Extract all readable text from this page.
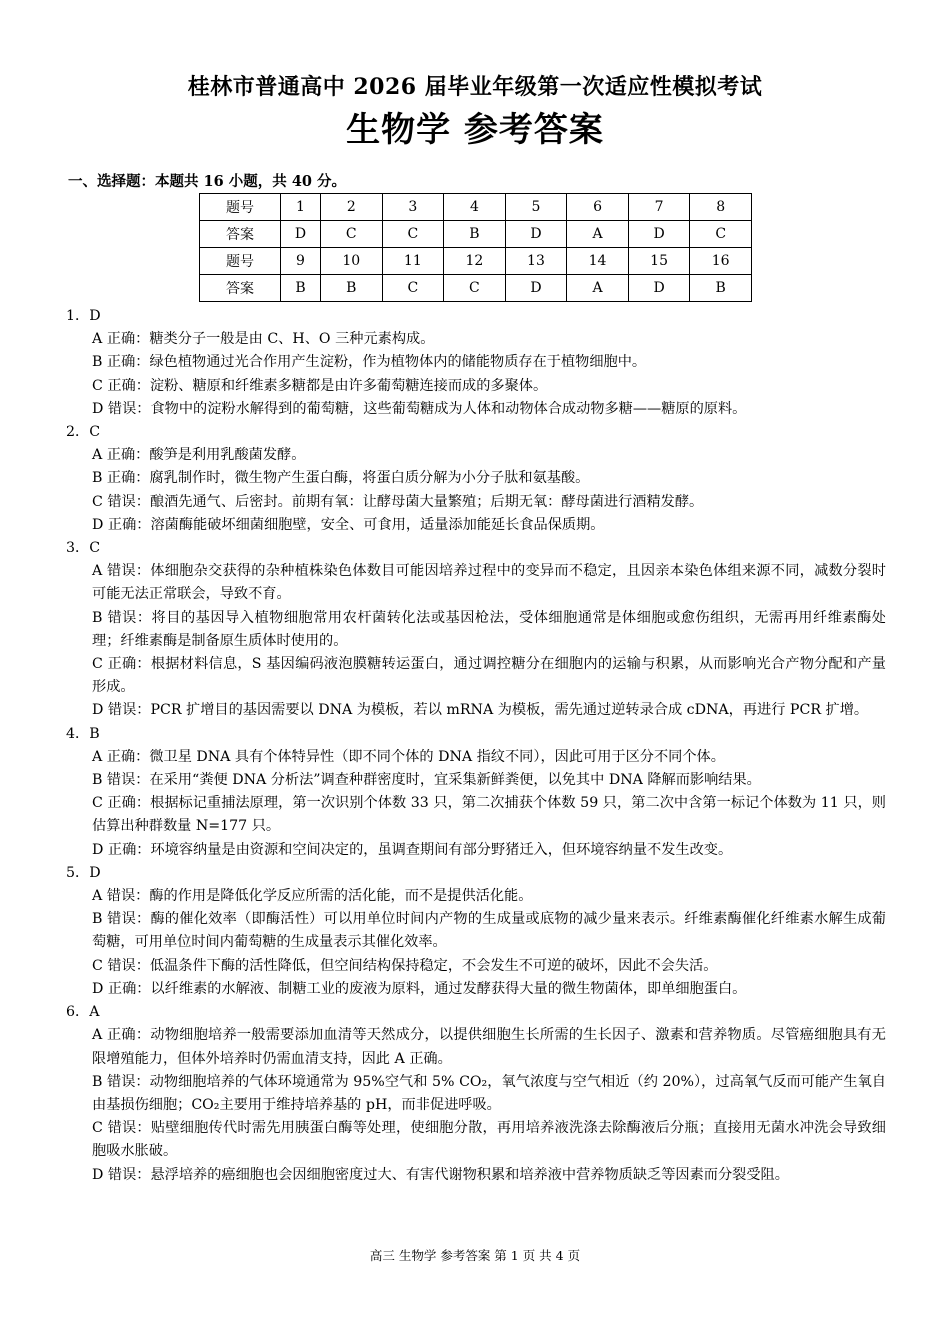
桂林市普通高中 2026 届毕业年级第一次适应性模拟考试
生物学 参考答案
一、选择题：本题共 16 小题，共 40 分。
题号	1	2	3	4	5	6	7	8
答案	D	C	C	B	D	A	D	C
题号	9	10	11	12	13	14	15	16
答案	B	B	C	C	D	A	D	B

1．D

A 正确：糖类分子一般是由 C、H、O 三种元素构成。

B 正确：绿色植物通过光合作用产生淀粉，作为植物体内的储能物质存在于植物细胞中。

C 正确：淀粉、糖原和纤维素多糖都是由许多葡萄糖连接而成的多聚体。

D 错误：食物中的淀粉水解得到的葡萄糖，这些葡萄糖成为人体和动物体合成动物多糖——糖原的原料。

2．C

A 正确：酸笋是利用乳酸菌发酵。

B 正确：腐乳制作时，微生物产生蛋白酶，将蛋白质分解为小分子肽和氨基酸。

C 错误：酿酒先通气、后密封。前期有氧：让酵母菌大量繁殖；后期无氧：酵母菌进行酒精发酵。

D 正确：溶菌酶能破坏细菌细胞壁，安全、可食用，适量添加能延长食品保质期。

3．C

A 错误：体细胞杂交获得的杂种植株染色体数目可能因培养过程中的变异而不稳定，且因亲本染色体组来源不同，减数分裂时可能无法正常联会，导致不育。

B 错误：将目的基因导入植物细胞常用农杆菌转化法或基因枪法，受体细胞通常是体细胞或愈伤组织，无需再用纤维素酶处理；纤维素酶是制备原生质体时使用的。

C 正确：根据材料信息，S 基因编码液泡膜糖转运蛋白，通过调控糖分在细胞内的运输与积累，从而影响光合产物分配和产量形成。

D 错误：PCR 扩增目的基因需要以 DNA 为模板，若以 mRNA 为模板，需先通过逆转录合成 cDNA，再进行 PCR 扩增。

4．B

A 正确：微卫星 DNA 具有个体特异性（即不同个体的 DNA 指纹不同），因此可用于区分不同个体。

B 错误：在采用“粪便 DNA 分析法”调查种群密度时，宜采集新鲜粪便，以免其中 DNA 降解而影响结果。

C 正确：根据标记重捕法原理，第一次识别个体数 33 只，第二次捕获个体数 59 只，第二次中含第一标记个体数为 11 只，则估算出种群数量 N=177 只。

D 正确：环境容纳量是由资源和空间决定的，虽调查期间有部分野猪迁入，但环境容纳量不发生改变。

5．D

A 错误：酶的作用是降低化学反应所需的活化能，而不是提供活化能。

B 错误：酶的催化效率（即酶活性）可以用单位时间内产物的生成量或底物的减少量来表示。纤维素酶催化纤维素水解生成葡萄糖，可用单位时间内葡萄糖的生成量表示其催化效率。

C 错误：低温条件下酶的活性降低，但空间结构保持稳定，不会发生不可逆的破坏，因此不会失活。

D 正确：以纤维素的水解液、制糖工业的废液为原料，通过发酵获得大量的微生物菌体，即单细胞蛋白。

6．A

A 正确：动物细胞培养一般需要添加血清等天然成分，以提供细胞生长所需的生长因子、激素和营养物质。尽管癌细胞具有无限增殖能力，但体外培养时仍需血清支持，因此 A 正确。

B 错误：动物细胞培养的气体环境通常为 95%空气和 5% CO₂，氧气浓度与空气相近（约 20%），过高氧气反而可能产生氧自由基损伤细胞；CO₂主要用于维持培养基的 pH，而非促进呼吸。

C 错误：贴壁细胞传代时需先用胰蛋白酶等处理，使细胞分散，再用培养液洗涤去除酶液后分瓶；直接用无菌水冲洗会导致细胞吸水胀破。

D 错误：悬浮培养的癌细胞也会因细胞密度过大、有害代谢物积累和培养液中营养物质缺乏等因素而分裂受阻。

高三 生物学 参考答案 第 1 页 共 4 页
